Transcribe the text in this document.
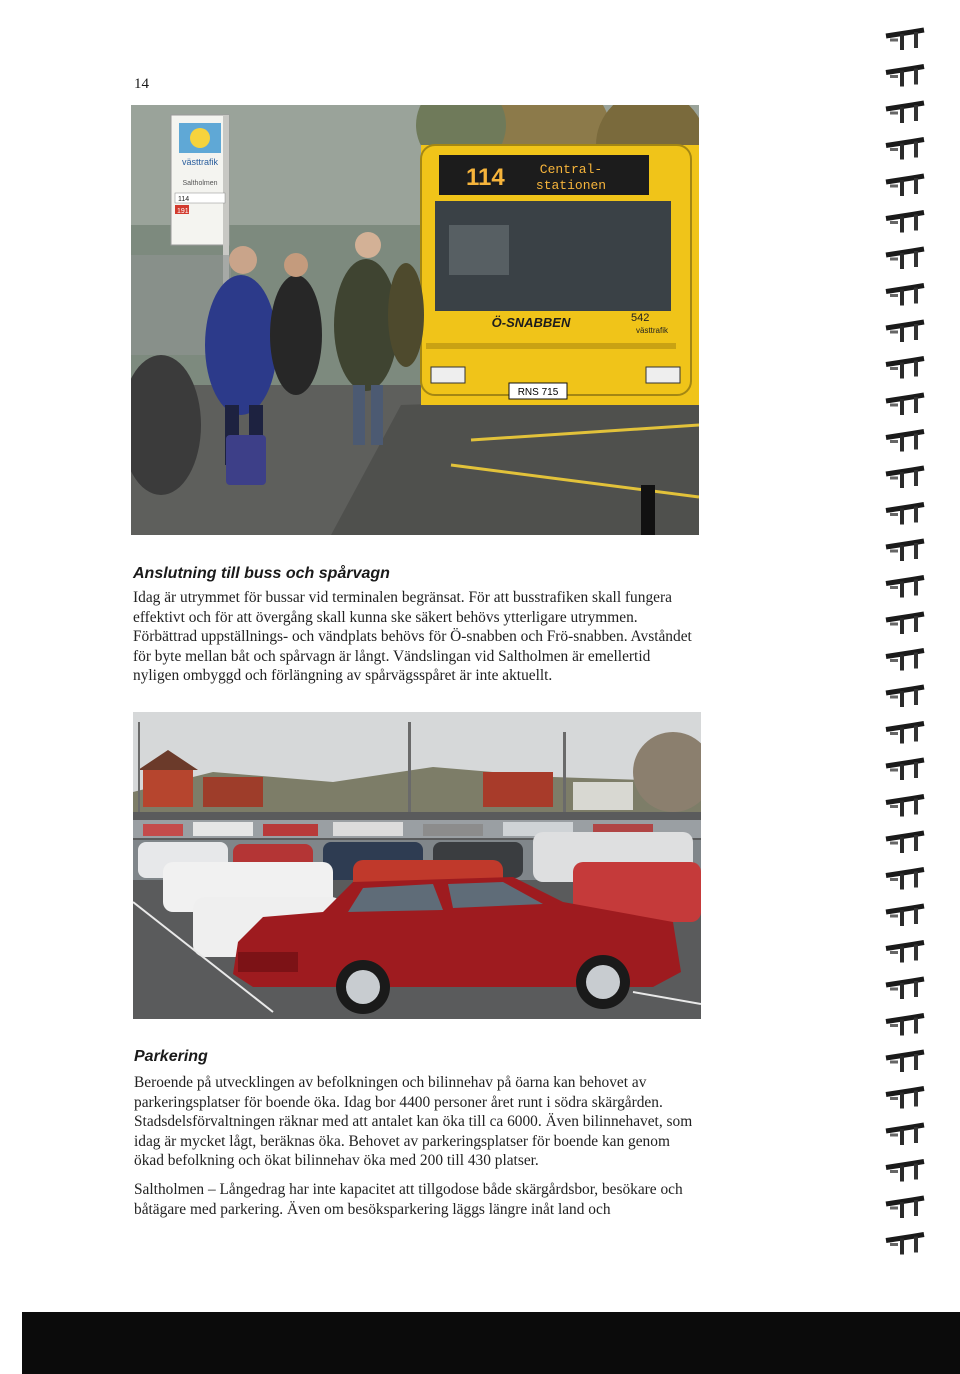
14
västtrafik
Saltholmen
114
191
114	Central-
stationen
Ö-SNABBEN	542
västtrafik
RNS 715
Anslutning till buss och spårvagn

Idag är utrymmet för bussar vid terminalen begränsat. För att busstrafiken skall fungera effektivt och för att övergång skall kunna ske säkert behövs ytterligare utrymmen. Förbättrad uppställnings- och vändplats behövs för Ö-snabben och Frö-snabben. Avståndet för byte mellan båt och spårvagn är långt. Vändslingan vid Saltholmen är emellertid nyligen ombyggd och förlängning av spårvägsspåret är inte aktuellt.

Parkering

Beroende på utvecklingen av befolkningen och bilinnehav på öarna kan behovet av parkeringsplatser för boende öka. Idag bor 4400 personer året runt i södra skärgården. Stadsdelsförvaltningen räknar med att antalet kan öka till ca 6000. Även bilinnehavet, som idag är mycket lågt, beräknas öka. Behovet av parkeringsplatser för boende kan genom ökad befolkning och ökat bilinnehav öka med 200 till 430 platser.

Saltholmen – Långedrag har inte kapacitet att tillgodose både skärgårdsbor, besökare och båtägare med parkering. Även om besöksparkering läggs längre inåt land och
